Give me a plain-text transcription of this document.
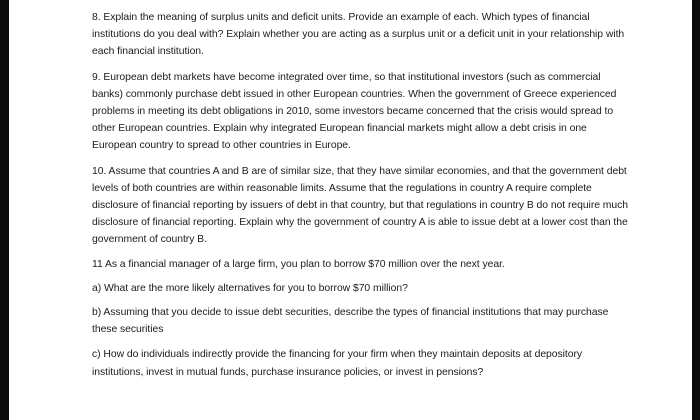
8. Explain the meaning of surplus units and deficit units. Provide an example of each. Which types of financial institutions do you deal with? Explain whether you are acting as a surplus unit or a deficit unit in your relationship with each financial institution.

9. European debt markets have become integrated over time, so that institutional investors (such as commercial banks) commonly purchase debt issued in other European countries. When the government of Greece experienced problems in meeting its debt obligations in 2010, some investors became concerned that the crisis would spread to other European countries. Explain why integrated European financial markets might allow a debt crisis in one European country to spread to other countries in Europe.

10. Assume that countries A and B are of similar size, that they have similar economies, and that the government debt levels of both countries are within reasonable limits. Assume that the regulations in country A require complete disclosure of financial reporting by issuers of debt in that country, but that regulations in country B do not require much disclosure of financial reporting. Explain why the government of country A is able to issue debt at a lower cost than the government of country B.

11 As a financial manager of a large firm, you plan to borrow $70 million over the next year.

a) What are the more likely alternatives for you to borrow $70 million?

b) Assuming that you decide to issue debt securities, describe the types of financial institutions that may purchase these securities

c) How do individuals indirectly provide the financing for your firm when they maintain deposits at depository institutions, invest in mutual funds, purchase insurance policies, or invest in pensions?
